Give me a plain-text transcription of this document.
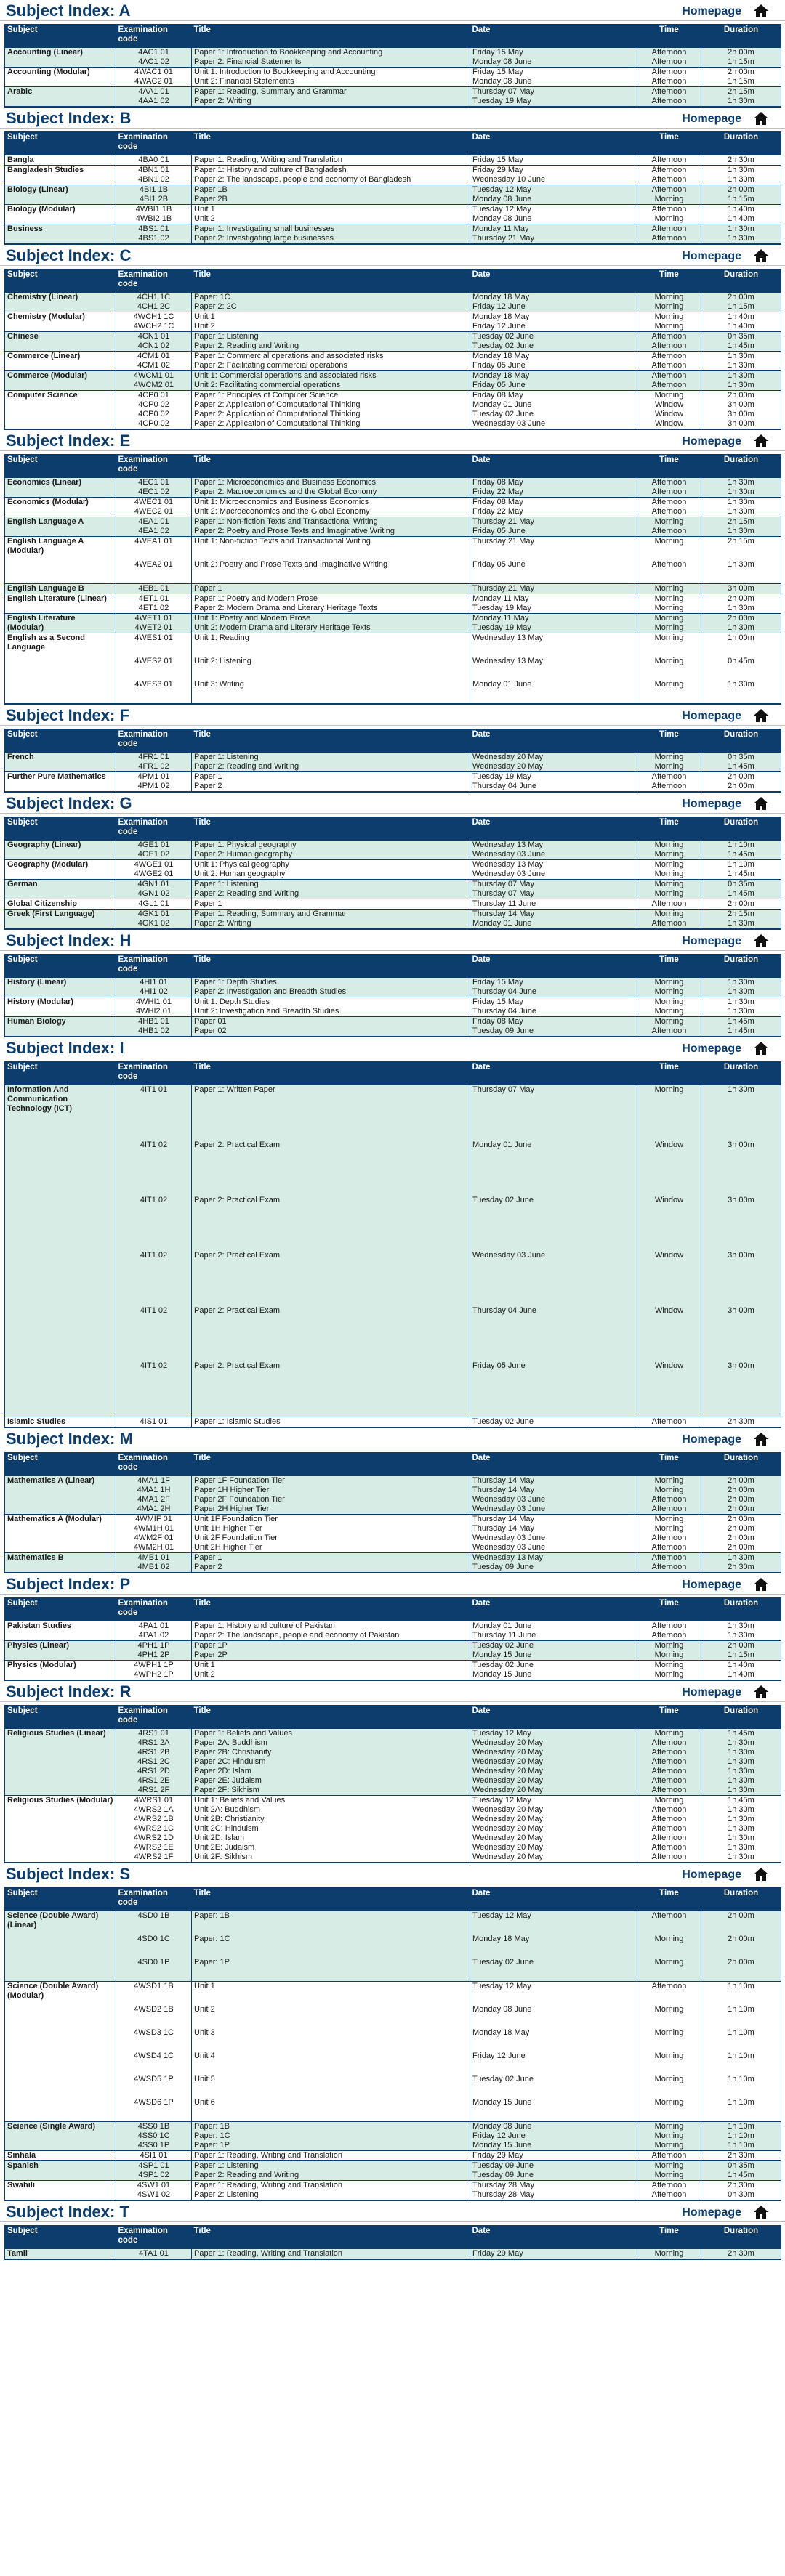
Subject Index: A	Homepage
Subject	Examination code	Title	Date	Time	Duration
Accounting (Linear)	4AC1 01	Paper 1: Introduction to Bookkeeping and Accounting	Friday 15 May	Afternoon	2h 00m
	4AC1 02	Paper 2: Financial Statements	Monday 08 June	Afternoon	1h 15m
Accounting (Modular)	4WAC1 01	Unit 1: Introduction to Bookkeeping and Accounting	Friday 15 May	Afternoon	2h 00m
	4WAC2 01	Unit 2: Financial Statements	Monday 08 June	Afternoon	1h 15m
Arabic	4AA1 01	Paper 1: Reading, Summary and Grammar	Thursday 07 May	Afternoon	2h 15m
	4AA1 02	Paper 2: Writing	Tuesday 19 May	Afternoon	1h 30m
Subject Index: B	Homepage
Subject	Examination code	Title	Date	Time	Duration
Bangla	4BA0 01	Paper 1: Reading, Writing and Translation	Friday 15 May	Afternoon	2h 30m
Bangladesh Studies	4BN1 01	Paper 1: History and culture of Bangladesh	Friday 29 May	Afternoon	1h 30m
	4BN1 02	Paper 2: The landscape, people and economy of Bangladesh	Wednesday 10 June	Afternoon	1h 30m
Biology (Linear)	4BI1 1B	Paper 1B	Tuesday 12 May	Afternoon	2h 00m
	4BI1 2B	Paper 2B	Monday 08 June	Morning	1h 15m
Biology (Modular)	4WBI1 1B	Unit 1	Tuesday 12 May	Afternoon	1h 40m
	4WBI2 1B	Unit 2	Monday 08 June	Morning	1h 40m
Business	4BS1 01	Paper 1: Investigating small businesses	Monday 11 May	Afternoon	1h 30m
	4BS1 02	Paper 2: Investigating large businesses	Thursday 21 May	Afternoon	1h 30m
Subject Index: C	Homepage
Subject	Examination code	Title	Date	Time	Duration
Chemistry (Linear)	4CH1 1C	Paper: 1C	Monday 18 May	Morning	2h 00m
	4CH1 2C	Paper 2: 2C	Friday 12 June	Morning	1h 15m
Chemistry (Modular)	4WCH1 1C	Unit 1	Monday 18 May	Morning	1h 40m
	4WCH2 1C	Unit 2	Friday 12 June	Morning	1h 40m
Chinese	4CN1 01	Paper 1: Listening	Tuesday 02 June	Afternoon	0h 35m
	4CN1 02	Paper 2: Reading and Writing	Tuesday 02 June	Afternoon	1h 45m
Commerce (Linear)	4CM1 01	Paper 1: Commercial operations and associated risks	Monday 18 May	Afternoon	1h 30m
	4CM1 02	Paper 2: Facilitating commercial operations	Friday 05 June	Afternoon	1h 30m
Commerce (Modular)	4WCM1 01	Unit 1: Commercial operations and associated risks	Monday 18 May	Afternoon	1h 30m
	4WCM2 01	Unit 2: Facilitating commercial operations	Friday 05 June	Afternoon	1h 30m
Computer Science	4CP0 01	Paper 1: Principles of Computer Science	Friday 08 May	Morning	2h 00m
	4CP0 02	Paper 2: Application of Computational Thinking	Monday 01 June	Window	3h 00m
	4CP0 02	Paper 2: Application of Computational Thinking	Tuesday 02 June	Window	3h 00m
	4CP0 02	Paper 2: Application of Computational Thinking	Wednesday 03 June	Window	3h 00m
Subject Index: E	Homepage
Subject	Examination code	Title	Date	Time	Duration
Economics (Linear)	4EC1 01	Paper 1: Microeconomics and Business Economics	Friday 08 May	Afternoon	1h 30m
	4EC1 02	Paper 2: Macroeconomics and the Global Economy	Friday 22 May	Afternoon	1h 30m
Economics (Modular)	4WEC1 01	Unit 1: Microeconomics and Business Economics	Friday 08 May	Afternoon	1h 30m
	4WEC2 01	Unit 2: Macroeconomics and the Global Economy	Friday 22 May	Afternoon	1h 30m
English Language A	4EA1 01	Paper 1: Non-fiction Texts and Transactional Writing	Thursday 21 May	Morning	2h 15m
	4EA1 02	Paper 2: Poetry and Prose Texts and Imaginative Writing	Friday 05 June	Afternoon	1h 30m
English Language A (Modular)	4WEA1 01	Unit 1: Non-fiction Texts and Transactional Writing	Thursday 21 May	Morning	2h 15m
	4WEA2 01	Unit 2: Poetry and Prose Texts and Imaginative Writing	Friday 05 June	Afternoon	1h 30m
English Language B	4EB1 01	Paper 1	Thursday 21 May	Morning	3h 00m
English Literature (Linear)	4ET1 01	Paper 1: Poetry and Modern Prose	Monday 11 May	Morning	2h 00m
	4ET1 02	Paper 2: Modern Drama and Literary Heritage Texts	Tuesday 19 May	Morning	1h 30m
English Literature (Modular)	4WET1 01	Unit 1: Poetry and Modern Prose	Monday 11 May	Morning	2h 00m
	4WET2 01	Unit 2: Modern Drama and Literary Heritage Texts	Tuesday 19 May	Morning	1h 30m
English as a Second Language	4WES1 01	Unit 1: Reading	Wednesday 13 May	Morning	1h 00m
	4WES2 01	Unit 2: Listening	Wednesday 13 May	Morning	0h 45m
	4WES3 01	Unit 3: Writing	Monday 01 June	Morning	1h 30m
Subject Index: F	Homepage
Subject	Examination code	Title	Date	Time	Duration
French	4FR1 01	Paper 1: Listening	Wednesday 20 May	Morning	0h 35m
	4FR1 02	Paper 2: Reading and Writing	Wednesday 20 May	Morning	1h 45m
Further Pure Mathematics	4PM1 01	Paper 1	Tuesday 19 May	Afternoon	2h 00m
	4PM1 02	Paper 2	Thursday 04 June	Afternoon	2h 00m
Subject Index: G	Homepage
Subject	Examination code	Title	Date	Time	Duration
Geography (Linear)	4GE1 01	Paper 1: Physical geography	Wednesday 13 May	Morning	1h 10m
	4GE1 02	Paper 2: Human geography	Wednesday 03 June	Morning	1h 45m
Geography (Modular)	4WGE1 01	Unit 1: Physical geography	Wednesday 13 May	Morning	1h 10m
	4WGE2 01	Unit 2: Human geography	Wednesday 03 June	Morning	1h 45m
German	4GN1 01	Paper 1: Listening	Thursday 07 May	Morning	0h 35m
	4GN1 02	Paper 2: Reading and Writing	Thursday 07 May	Morning	1h 45m
Global Citizenship	4GL1 01	Paper 1	Thursday 11 June	Afternoon	2h 00m
Greek (First Language)	4GK1 01	Paper 1: Reading, Summary and Grammar	Thursday 14 May	Morning	2h 15m
	4GK1 02	Paper 2: Writing	Monday 01 June	Afternoon	1h 30m
Subject Index: H	Homepage
Subject	Examination code	Title	Date	Time	Duration
History (Linear)	4HI1 01	Paper 1: Depth Studies	Friday 15 May	Morning	1h 30m
	4HI1 02	Paper 2: Investigation and Breadth Studies	Thursday 04 June	Morning	1h 30m
History (Modular)	4WHI1 01	Unit 1: Depth Studies	Friday 15 May	Morning	1h 30m
	4WHI2 01	Unit 2: Investigation and Breadth Studies	Thursday 04 June	Morning	1h 30m
Human Biology	4HB1 01	Paper 01	Friday 08 May	Morning	1h 45m
	4HB1 02	Paper 02	Tuesday 09 June	Afternoon	1h 45m
Subject Index: I	Homepage
Subject	Examination code	Title	Date	Time	Duration
Information And Communication Technology (ICT)	4IT1 01	Paper 1: Written Paper	Thursday 07 May	Morning	1h 30m
	4IT1 02	Paper 2: Practical Exam	Monday 01 June	Window	3h 00m
	4IT1 02	Paper 2: Practical Exam	Tuesday 02 June	Window	3h 00m
	4IT1 02	Paper 2: Practical Exam	Wednesday 03 June	Window	3h 00m
	4IT1 02	Paper 2: Practical Exam	Thursday 04 June	Window	3h 00m
	4IT1 02	Paper 2: Practical Exam	Friday 05 June	Window	3h 00m
Islamic Studies	4IS1 01	Paper 1: Islamic Studies	Tuesday 02 June	Afternoon	2h 30m
Subject Index: M	Homepage
Subject	Examination code	Title	Date	Time	Duration
Mathematics A (Linear)	4MA1 1F	Paper 1F Foundation Tier	Thursday 14 May	Morning	2h 00m
	4MA1 1H	Paper 1H Higher Tier	Thursday 14 May	Morning	2h 00m
	4MA1 2F	Paper 2F Foundation Tier	Wednesday 03 June	Afternoon	2h 00m
	4MA1 2H	Paper 2H Higher Tier	Wednesday 03 June	Afternoon	2h 00m
Mathematics A (Modular)	4WMIF 01	Unit 1F Foundation Tier	Thursday 14 May	Morning	2h 00m
	4WM1H 01	Unit 1H Higher Tier	Thursday 14 May	Morning	2h 00m
	4WM2F 01	Unit 2F Foundation Tier	Wednesday 03 June	Afternoon	2h 00m
	4WM2H 01	Unit 2H Higher Tier	Wednesday 03 June	Afternoon	2h 00m
Mathematics B	4MB1 01	Paper 1	Wednesday 13 May	Afternoon	1h 30m
	4MB1 02	Paper 2	Tuesday 09 June	Afternoon	2h 30m
Subject Index: P	Homepage
Subject	Examination code	Title	Date	Time	Duration
Pakistan Studies	4PA1 01	Paper 1: History and culture of Pakistan	Monday 01 June	Afternoon	1h 30m
	4PA1 02	Paper 2: The landscape, people and economy of Pakistan	Thursday 11 June	Afternoon	1h 30m
Physics (Linear)	4PH1 1P	Paper 1P	Tuesday 02 June	Morning	2h 00m
	4PH1 2P	Paper 2P	Monday 15 June	Morning	1h 15m
Physics (Modular)	4WPH1 1P	Unit 1	Tuesday 02 June	Morning	1h 40m
	4WPH2 1P	Unit 2	Monday 15 June	Morning	1h 40m
Subject Index: R	Homepage
Subject	Examination code	Title	Date	Time	Duration
Religious Studies (Linear)	4RS1 01	Paper 1: Beliefs and Values	Tuesday 12 May	Morning	1h 45m
	4RS1 2A	Paper 2A: Buddhism	Wednesday 20 May	Afternoon	1h 30m
	4RS1 2B	Paper 2B: Christianity	Wednesday 20 May	Afternoon	1h 30m
	4RS1 2C	Paper 2C: Hinduism	Wednesday 20 May	Afternoon	1h 30m
	4RS1 2D	Paper 2D: Islam	Wednesday 20 May	Afternoon	1h 30m
	4RS1 2E	Paper 2E: Judaism	Wednesday 20 May	Afternoon	1h 30m
	4RS1 2F	Paper 2F: Sikhism	Wednesday 20 May	Afternoon	1h 30m
Religious Studies (Modular)	4WRS1 01	Unit 1: Beliefs and Values	Tuesday 12 May	Morning	1h 45m
	4WRS2 1A	Unit 2A: Buddhism	Wednesday 20 May	Afternoon	1h 30m
	4WRS2 1B	Unit 2B: Christianity	Wednesday 20 May	Afternoon	1h 30m
	4WRS2 1C	Unit 2C: Hinduism	Wednesday 20 May	Afternoon	1h 30m
	4WRS2 1D	Unit 2D: Islam	Wednesday 20 May	Afternoon	1h 30m
	4WRS2 1E	Unit 2E: Judaism	Wednesday 20 May	Afternoon	1h 30m
	4WRS2 1F	Unit 2F: Sikhism	Wednesday 20 May	Afternoon	1h 30m
Subject Index: S	Homepage
Subject	Examination code	Title	Date	Time	Duration
Science (Double Award) (Linear)	4SD0 1B	Paper: 1B	Tuesday 12 May	Afternoon	2h 00m
	4SD0 1C	Paper: 1C	Monday 18 May	Morning	2h 00m
	4SD0 1P	Paper: 1P	Tuesday 02 June	Morning	2h 00m
Science (Double Award) (Modular)	4WSD1 1B	Unit 1	Tuesday 12 May	Afternoon	1h 10m
	4WSD2 1B	Unit 2	Monday 08 June	Morning	1h 10m
	4WSD3 1C	Unit 3	Monday 18 May	Morning	1h 10m
	4WSD4 1C	Unit 4	Friday 12 June	Morning	1h 10m
	4WSD5 1P	Unit 5	Tuesday 02 June	Morning	1h 10m
	4WSD6 1P	Unit 6	Monday 15 June	Morning	1h 10m
Science (Single Award)	4SS0 1B	Paper: 1B	Monday 08 June	Morning	1h 10m
	4SS0 1C	Paper: 1C	Friday 12 June	Morning	1h 10m
	4SS0 1P	Paper: 1P	Monday 15 June	Morning	1h 10m
Sinhala	4SI1 01	Paper 1: Reading, Writing and Translation	Friday 29 May	Afternoon	2h 30m
Spanish	4SP1 01	Paper 1: Listening	Tuesday 09 June	Morning	0h 35m
	4SP1 02	Paper 2: Reading and Writing	Tuesday 09 June	Morning	1h 45m
Swahili	4SW1 01	Paper 1: Reading, Writing and Translation	Thursday 28 May	Afternoon	2h 30m
	4SW1 02	Paper 2: Listening	Thursday 28 May	Afternoon	0h 30m
Subject Index: T	Homepage
Subject	Examination code	Title	Date	Time	Duration
Tamil	4TA1 01	Paper 1: Reading, Writing and Translation	Friday 29 May	Morning	2h 30m
